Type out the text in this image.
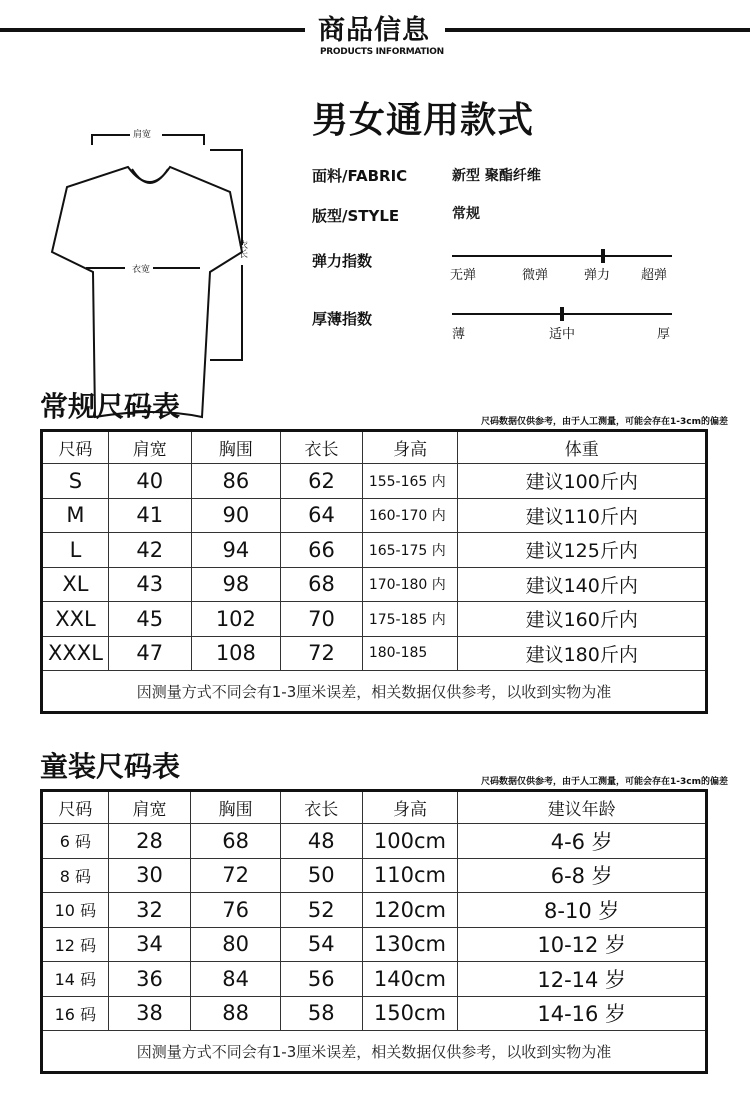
商品信息
PRODUCTS INFORMATION
肩宽
衣宽
衣长
男女通用款式
面料/FABRIC	新型 聚酯纤维
版型/STYLE	常规
弹力指数
无弹	微弹	弹力 超弹
厚薄指数
薄	适中	厚
常规尺码表	尺码数据仅供参考，由于人工测量，可能会存在1-3cm的偏差
尺码	肩宽	胸围	衣长	身高	体重
S	40	86	62	155-165 内	建议100斤内
M	41	90	64	160-170 内	建议110斤内
L	42	94	66	165-175 内	建议125斤内
XL	43	98	68	170-180 内	建议140斤内
XXL	45	102	70	175-185 内	建议160斤内
XXXL	47	108	72	180-185	建议180斤内
因测量方式不同会有1-3厘米误差，相关数据仅供参考，以收到实物为准					
童装尺码表	尺码数据仅供参考，由于人工测量，可能会存在1-3cm的偏差
尺码	肩宽	胸围	衣长	身高	建议年龄
6 码	28	68	48	100cm	4-6 岁
8 码	30	72	50	110cm	6-8 岁
10 码	32	76	52	120cm	8-10 岁
12 码	34	80	54	130cm	10-12 岁
14 码	36	84	56	140cm	12-14 岁
16 码	38	88	58	150cm	14-16 岁
因测量方式不同会有1-3厘米误差，相关数据仅供参考，以收到实物为准					
